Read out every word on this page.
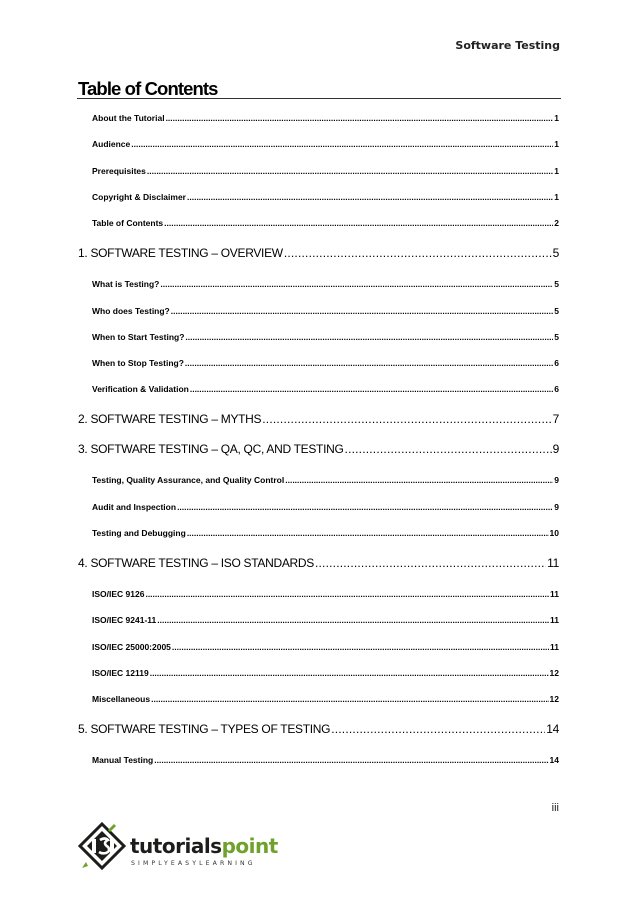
Software Testing
Table of Contents
About the Tutorial .....	1
Audience .....	1
Prerequisites .....	1
Copyright & Disclaimer .....	1
Table of Contents .....	2
1. SOFTWARE TESTING – OVERVIEW .....	5
What is Testing? .....	5
Who does Testing? .....	5
When to Start Testing? .....	5
When to Stop Testing? .....	6
Verification & Validation .....	6
2. SOFTWARE TESTING – MYTHS .....	7
3. SOFTWARE TESTING – QA, QC, AND TESTING .....	9
Testing, Quality Assurance, and Quality Control .....	9
Audit and Inspection .....	9
Testing and Debugging .....	10
4. SOFTWARE TESTING – ISO STANDARDS .....	11
ISO/IEC 9126 .....	11
ISO/IEC 9241-11 .....	11
ISO/IEC 25000:2005 .....	11
ISO/IEC 12119 .....	12
Miscellaneous .....	12
5. SOFTWARE TESTING – TYPES OF TESTING .....	14
Manual Testing .....	14
iii
tutorialspoint
SIMPLYEASYLEARNING
